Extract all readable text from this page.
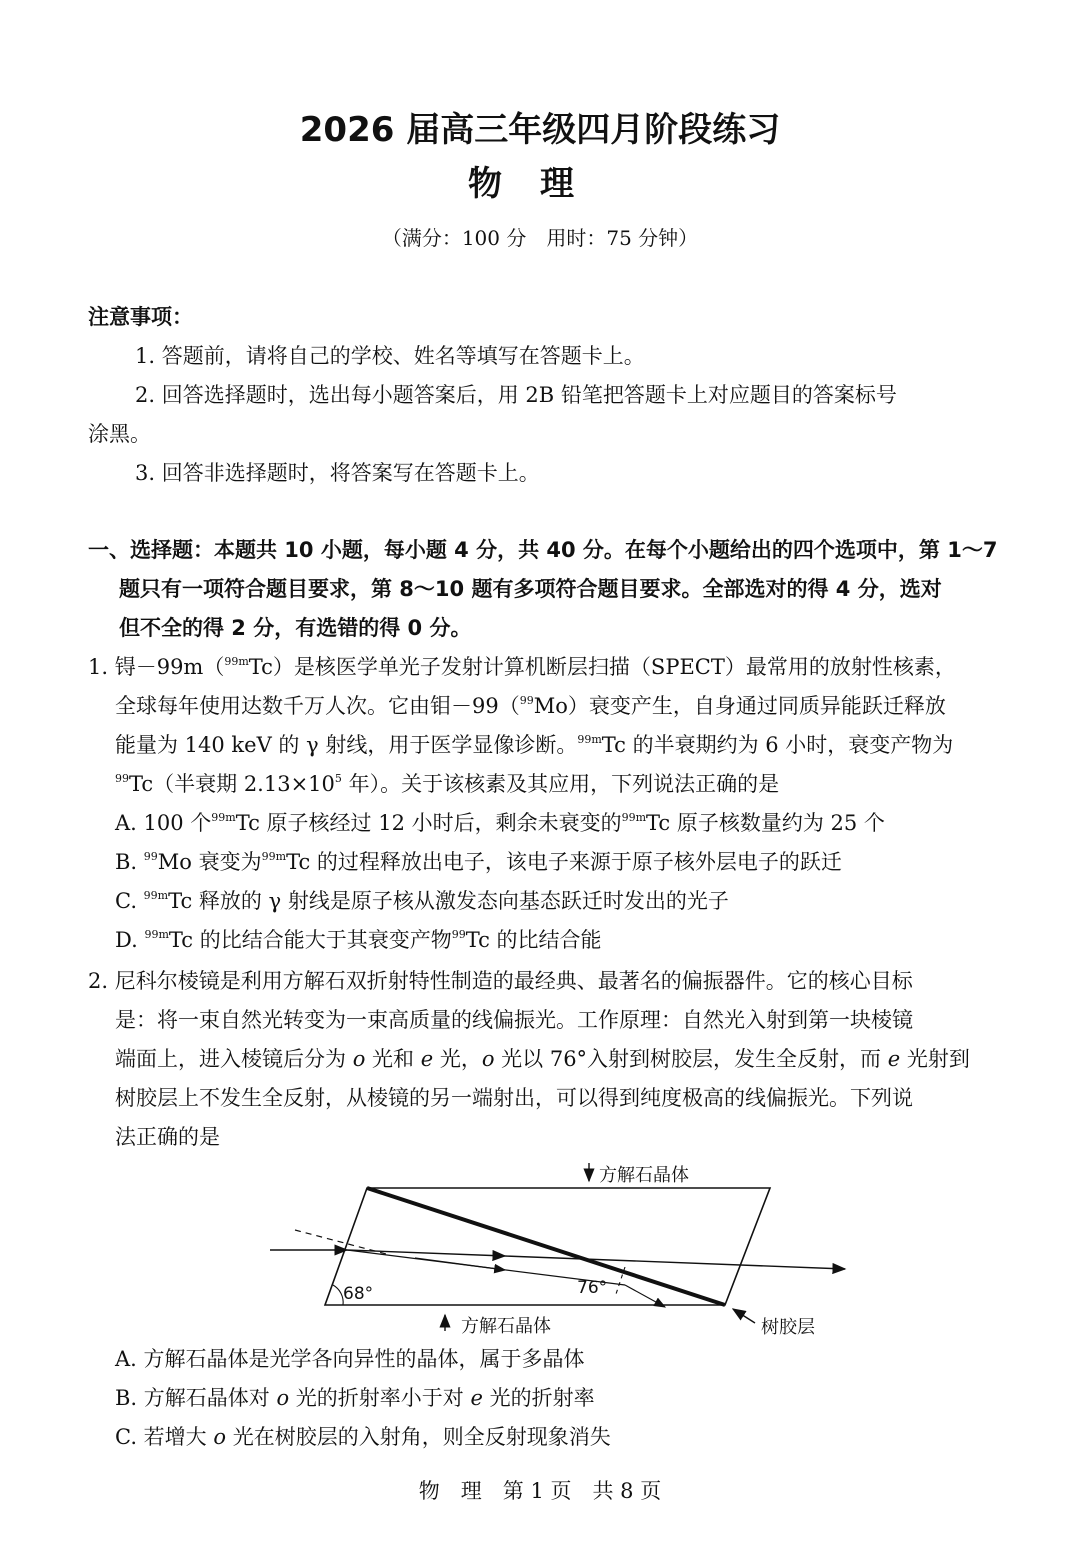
2026 届高三年级四月阶段练习
物理
（满分：100 分　用时：75 分钟）
注意事项：
1. 答题前，请将自己的学校、姓名等填写在答题卡上。
2. 回答选择题时，选出每小题答案后，用 2B 铅笔把答题卡上对应题目的答案标号
涂黑。
3. 回答非选择题时，将答案写在答题卡上。
一、选择题：本题共 10 小题，每小题 4 分，共 40 分。在每个小题给出的四个选项中，第 1～7
题只有一项符合题目要求，第 8～10 题有多项符合题目要求。全部选对的得 4 分，选对
但不全的得 2 分，有选错的得 0 分。
1. 锝－99m（$^{99m}$Tc）是核医学单光子发射计算机断层扫描（SPECT）最常用的放射性核素，
全球每年使用达数千万人次。它由钼－99（$^{99}$Mo）衰变产生，自身通过同质异能跃迁释放
能量为 140 keV 的 γ 射线，用于医学显像诊断。$^{99m}$Tc 的半衰期约为 6 小时，衰变产物为
$^{99}$Tc（半衰期 $2.13\times 10^5$ 年）。关于该核素及其应用，下列说法正确的是
A. 100 个$^{99m}$Tc 原子核经过 12 小时后，剩余未衰变的$^{99m}$Tc 原子核数量约为 25 个
B. $^{99}$Mo 衰变为$^{99m}$Tc 的过程释放出电子，该电子来源于原子核外层电子的跃迁
C. $^{99m}$Tc 释放的 γ 射线是原子核从激发态向基态跃迁时发出的光子
D. $^{99m}$Tc 的比结合能大于其衰变产物$^{99}$Tc 的比结合能
2. 尼科尔棱镜是利用方解石双折射特性制造的最经典、最著名的偏振器件。它的核心目标
是：将一束自然光转变为一束高质量的线偏振光。工作原理：自然光入射到第一块棱镜
端面上，进入棱镜后分为 o 光和 e 光，o 光以 76°入射到树胶层，发生全反射，而 e 光射到
树胶层上不发生全反射，从棱镜的另一端射出，可以得到纯度极高的线偏振光。下列说
法正确的是
方解石晶体
方解石晶体	树胶层
68°	76°
A. 方解石晶体是光学各向异性的晶体，属于多晶体
B. 方解石晶体对 o 光的折射率小于对 e 光的折射率
C. 若增大 o 光在树胶层的入射角，则全反射现象消失
物　理　第 1 页　共 8 页
